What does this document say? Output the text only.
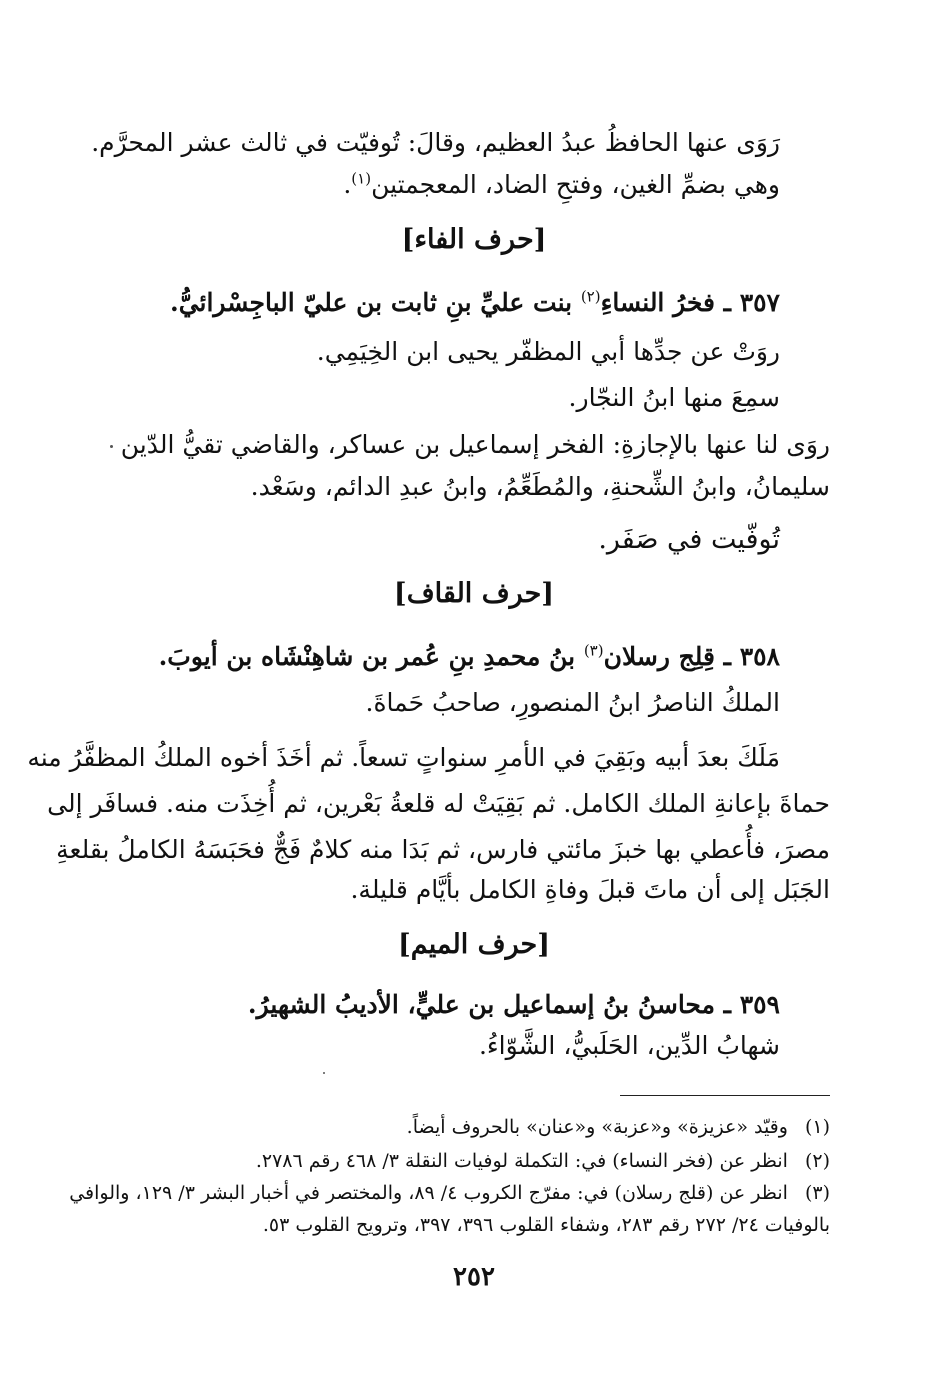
رَوَى عنها الحافظُ عبدُ العظيم، وقالَ: تُوفيّت في ثالث عشر المحرَّم.
وهي بضمِّ الغين، وفتحِ الضاد، المعجمتين$^{(١)}$.
[حرف الفاء]
٣٥٧ ـ فخرُ النساءِ$^{(٢)}$ بنت عليِّ بنِ ثابت بن عليّ الباجِسْرائيُّ.
روَتْ عن جدِّها أبي المظفّر يحيى ابن الخِيَمِي.
سمِعَ منها ابنُ النجّار.
روَى لنا عنها بالإجازةِ: الفخر إسماعيل بن عساكر، والقاضي تقيُّ الدّين
سليمانُ، وابنُ الشِّحنةِ، والمُطَعِّمُ، وابنُ عبدِ الدائم، وسَعْد.
تُوفّيت في صَفَر.
[حرف القاف]
٣٥٨ ـ قِلِج رسلان$^{(٣)}$ بنُ محمدِ بنِ عُمر بن شاهِنْشَاه بن أيوبَ.
الملكُ الناصرُ ابنُ المنصورِ، صاحبُ حَماةَ.
مَلَكَ بعدَ أبيه وبَقِيَ في الأمرِ سنواتٍ تسعاً. ثم أخَذَ أخوه الملكُ المظفَّرُ منه
حماةَ بإعانةِ الملك الكامل. ثم بَقِيَتْ له قلعةُ بَعْرين، ثم أُخِذَت منه. فسافَر إلى
مصرَ، فأُعطي بها خبزَ مائتي فارس، ثم بَدَا منه كلامٌ فَجٌّ فحَبَسَهُ الكاملُ بقلعةِ
الجَبَل إلى أن ماتَ قبلَ وفاةِ الكامل بأيَّام قليلة.
[حرف الميم]
٣٥٩ ـ محاسنُ بنُ إسماعيل بن عليٍّ، الأديبُ الشهيرُ.
شهابُ الدِّين، الحَلَبيُّ، الشَّوّاءُ.
(١) وقيّد «عزيزة» و«عزبة» و«عنان» بالحروف أيضاً.
(٢) انظر عن (فخر النساء) في: التكملة لوفيات النقلة ٣/ ٤٦٨ رقم ٢٧٨٦.
(٣) انظر عن (قلج رسلان) في: مفرّج الكروب ٤/ ٨٩، والمختصر في أخبار البشر ٣/ ١٢٩، والوافي
بالوفيات ٢٤/ ٢٧٢ رقم ٢٨٣، وشفاء القلوب ٣٩٦، ٣٩٧، وترويح القلوب ٥٣.
٢٥٢
